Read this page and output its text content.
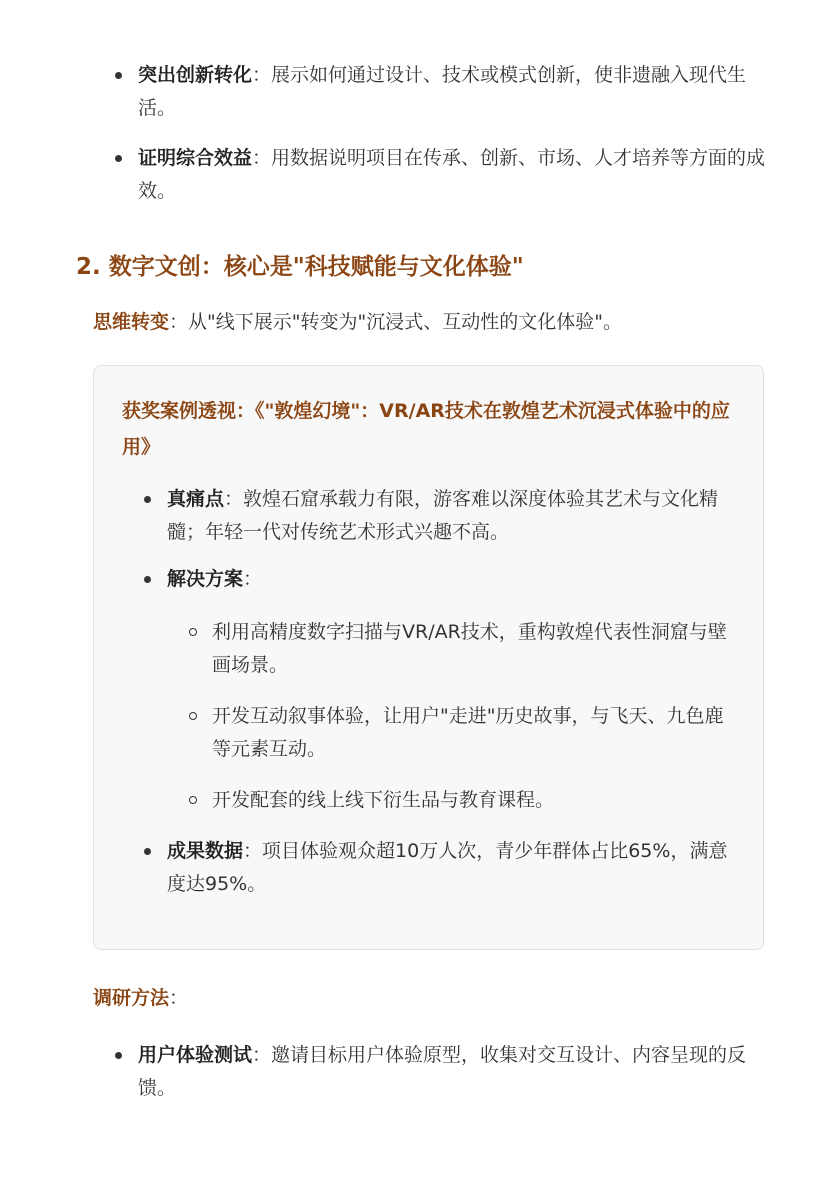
突出创新转化：展示如何通过设计、技术或模式创新，使非遗融入现代生活。
证明综合效益：用数据说明项目在传承、创新、市场、人才培养等方面的成效。
2. 数字文创：核心是"科技赋能与文化体验"
思维转变：从"线下展示"转变为"沉浸式、互动性的文化体验"。
获奖案例透视：《"敦煌幻境"：VR/AR技术在敦煌艺术沉浸式体验中的应用》
真痛点：敦煌石窟承载力有限，游客难以深度体验其艺术与文化精髓；年轻一代对传统艺术形式兴趣不高。
解决方案：
利用高精度数字扫描与VR/AR技术，重构敦煌代表性洞窟与壁画场景。
开发互动叙事体验，让用户"走进"历史故事，与飞天、九色鹿等元素互动。
开发配套的线上线下衍生品与教育课程。
成果数据：项目体验观众超10万人次，青少年群体占比65%，满意度达95%。
调研方法：
用户体验测试：邀请目标用户体验原型，收集对交互设计、内容呈现的反馈。
